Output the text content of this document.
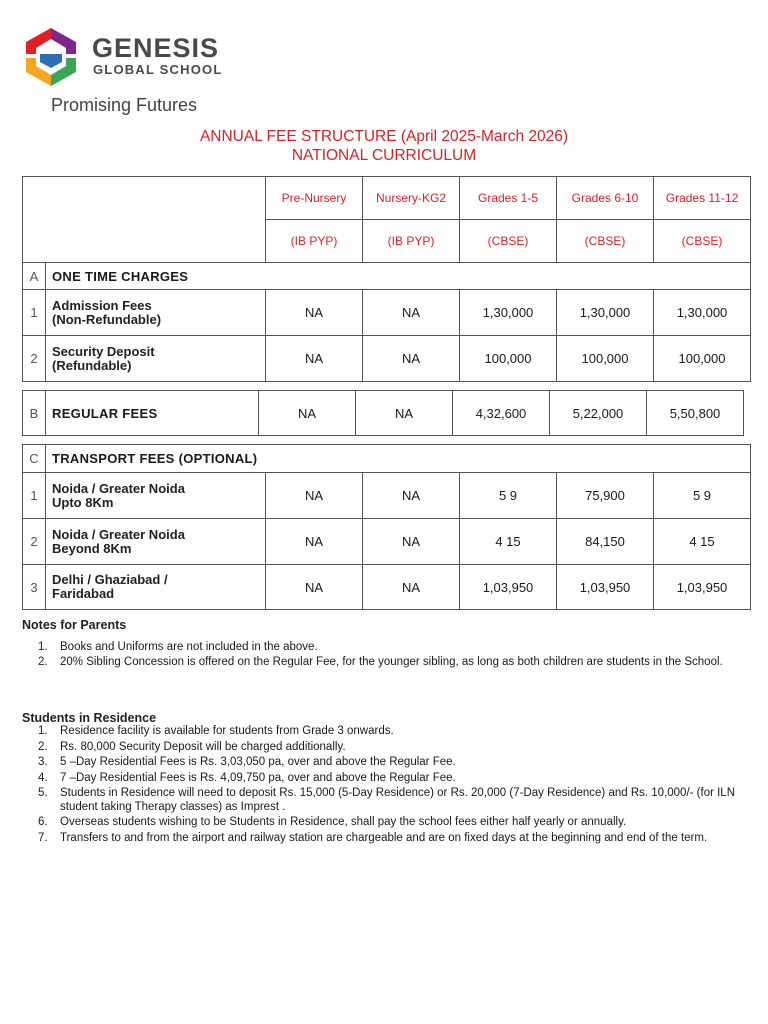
GENESIS
GLOBAL SCHOOL
Promising Futures
ANNUAL FEE STRUCTURE (April 2025-March 2026)
NATIONAL CURRICULUM
		Pre-Nursery	Nursery-KG2	Grades 1-5	Grades 6-10	Grades 11-12
		(IB PYP)	(IB PYP)	(CBSE)	(CBSE)	(CBSE)
A	ONE TIME CHARGES					
1	Admission Fees
(Non-Refundable)	NA	NA	1,30,000	1,30,000	1,30,000
2	Security Deposit
(Refundable)	NA	NA	100,000	100,000	100,000
B	REGULAR FEES	NA	NA	4,32,600	5,22,000	5,50,800
C	TRANSPORT FEES (OPTIONAL)					
1	Noida / Greater Noida
Upto 8Km	NA	NA	5 9	75,900	5 9
2	Noida / Greater Noida
Beyond 8Km	NA	NA	4 15	84,150	4 15
3	Delhi / Ghaziabad /
Faridabad	NA	NA	1,03,950	1,03,950	1,03,950
Notes for Parents
1. Books and Uniforms are not included in the above.
2. 20% Sibling Concession is offered on the Regular Fee, for the younger sibling, as long as both children are students in the School.
Students in Residence
1. Residence facility is available for students from Grade 3 onwards.
2. Rs. 80,000 Security Deposit will be charged additionally.
3. 5 –Day Residential Fees is Rs. 3,03,050 pa, over and above the Regular Fee.
4. 7 –Day Residential Fees is Rs. 4,09,750 pa, over and above the Regular Fee.
5. Students in Residence will need to deposit Rs. 15,000 (5-Day Residence) or Rs. 20,000 (7-Day Residence) and Rs. 10,000/- (for ILN student taking Therapy classes) as Imprest .
6. Overseas students wishing to be Students in Residence, shall pay the school fees either half yearly or annually.
7. Transfers to and from the airport and railway station are chargeable and are on fixed days at the beginning and end of the term.
